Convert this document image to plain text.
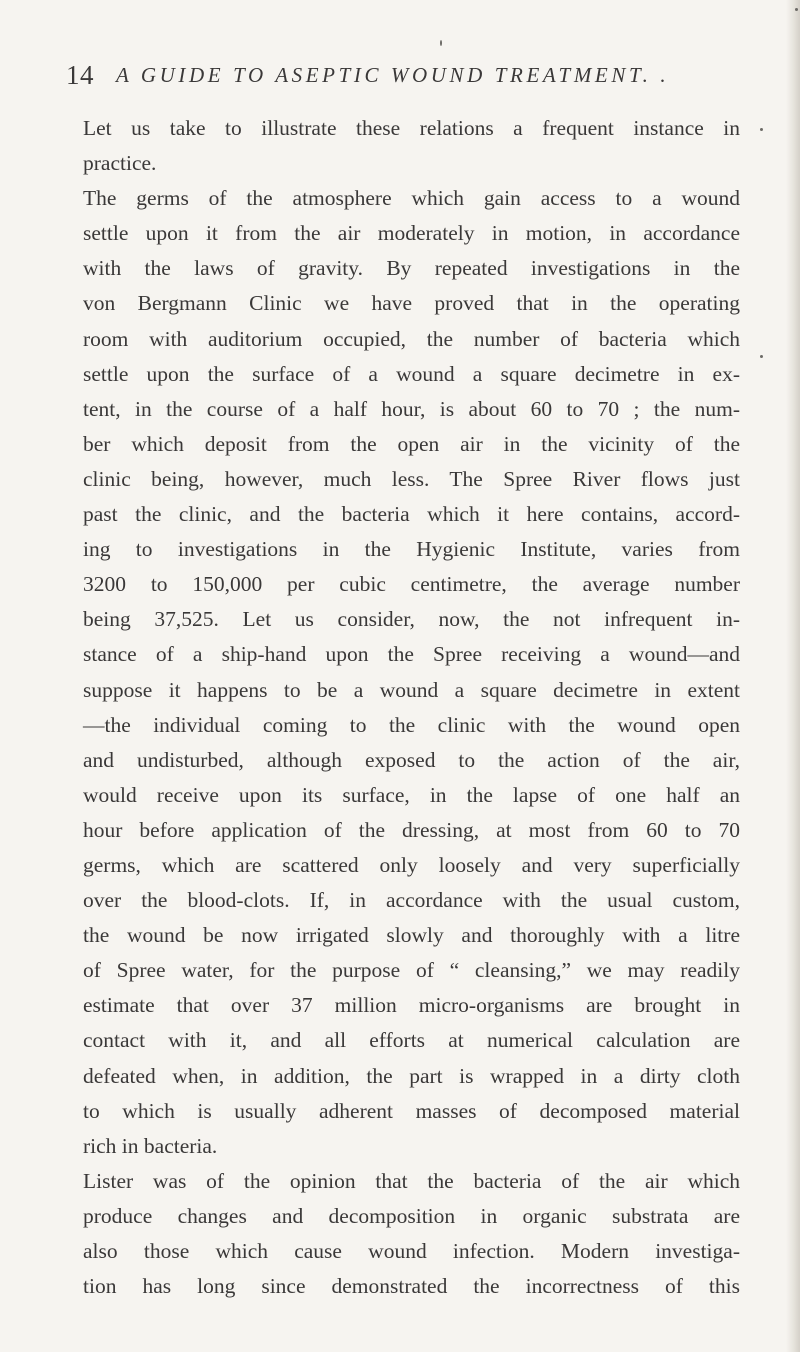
14 A GUIDE TO ASEPTIC WOUND TREATMENT. .
Let us take to illustrate these relations a frequent instance in
practice.
The germs of the atmosphere which gain access to a wound
settle upon it from the air moderately in motion, in accordance
with the laws of gravity. By repeated investigations in the
von Bergmann Clinic we have proved that in the operating
room with auditorium occupied, the number of bacteria which
settle upon the surface of a wound a square decimetre in ex-
tent, in the course of a half hour, is about 60 to 70 ; the num-
ber which deposit from the open air in the vicinity of the
clinic being, however, much less. The Spree River flows just
past the clinic, and the bacteria which it here contains, accord-
ing to investigations in the Hygienic Institute, varies from
3200 to 150,000 per cubic centimetre, the average number
being 37,525. Let us consider, now, the not infrequent in-
stance of a ship-hand upon the Spree receiving a wound—and
suppose it happens to be a wound a square decimetre in extent
—the individual coming to the clinic with the wound open
and undisturbed, although exposed to the action of the air,
would receive upon its surface, in the lapse of one half an
hour before application of the dressing, at most from 60 to 70
germs, which are scattered only loosely and very superficially
over the blood-clots. If, in accordance with the usual custom,
the wound be now irrigated slowly and thoroughly with a litre
of Spree water, for the purpose of “ cleansing,” we may readily
estimate that over 37 million micro-organisms are brought in
contact with it, and all efforts at numerical calculation are
defeated when, in addition, the part is wrapped in a dirty cloth
to which is usually adherent masses of decomposed material
rich in bacteria.
Lister was of the opinion that the bacteria of the air which
produce changes and decomposition in organic substrata are
also those which cause wound infection. Modern investiga-
tion has long since demonstrated the incorrectness of this
